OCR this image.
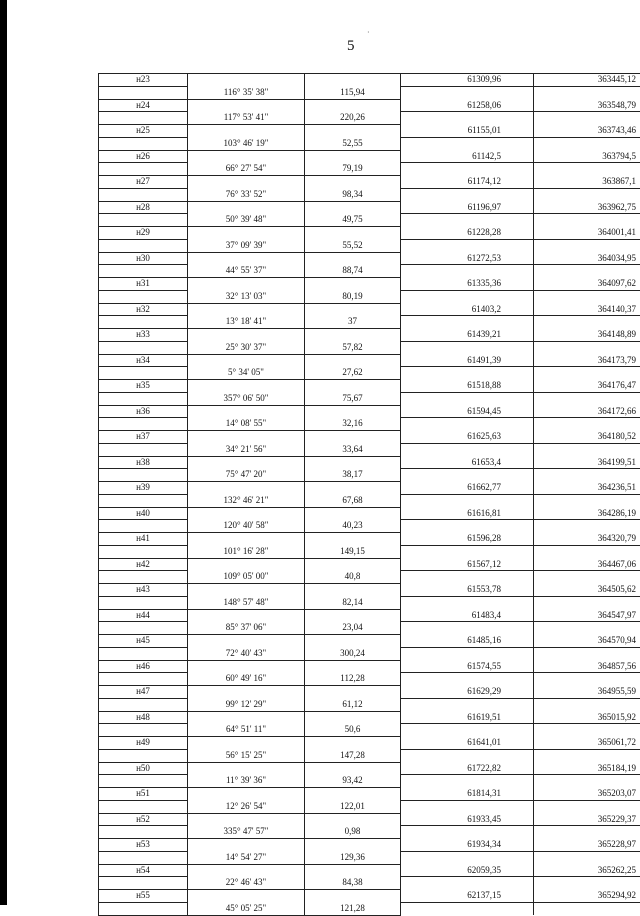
5
·
н23			61309,96	363445,12
	116° 35' 38"	115,94		
н24			61258,06	363548,79
	117° 53' 41"	220,26		
н25			61155,01	363743,46
	103° 46' 19"	52,55		
н26			61142,5	363794,5
	66° 27' 54"	79,19		
н27			61174,12	363867,1
	76° 33' 52"	98,34		
н28			61196,97	363962,75
	50° 39' 48"	49,75		
н29			61228,28	364001,41
	37° 09' 39"	55,52		
н30			61272,53	364034,95
	44° 55' 37"	88,74		
н31			61335,36	364097,62
	32° 13' 03"	80,19		
н32			61403,2	364140,37
	13° 18' 41"	37		
н33			61439,21	364148,89
	25° 30' 37"	57,82		
н34			61491,39	364173,79
	5° 34' 05"	27,62		
н35			61518,88	364176,47
	357° 06' 50"	75,67		
н36			61594,45	364172,66
	14° 08' 55"	32,16		
н37			61625,63	364180,52
	34° 21' 56"	33,64		
н38			61653,4	364199,51
	75° 47' 20"	38,17		
н39			61662,77	364236,51
	132° 46' 21"	67,68		
н40			61616,81	364286,19
	120° 40' 58"	40,23		
н41			61596,28	364320,79
	101° 16' 28"	149,15		
н42			61567,12	364467,06
	109° 05' 00"	40,8		
н43			61553,78	364505,62
	148° 57' 48"	82,14		
н44			61483,4	364547,97
	85° 37' 06"	23,04		
н45			61485,16	364570,94
	72° 40' 43"	300,24		
н46			61574,55	364857,56
	60° 49' 16"	112,28		
н47			61629,29	364955,59
	99° 12' 29"	61,12		
н48			61619,51	365015,92
	64° 51' 11"	50,6		
н49			61641,01	365061,72
	56° 15' 25"	147,28		
н50			61722,82	365184,19
	11° 39' 36"	93,42		
н51			61814,31	365203,07
	12° 26' 54"	122,01		
н52			61933,45	365229,37
	335° 47' 57"	0,98		
н53			61934,34	365228,97
	14° 54' 27"	129,36		
н54			62059,35	365262,25
	22° 46' 43"	84,38		
н55			62137,15	365294,92
	45° 05' 25"	121,28		
